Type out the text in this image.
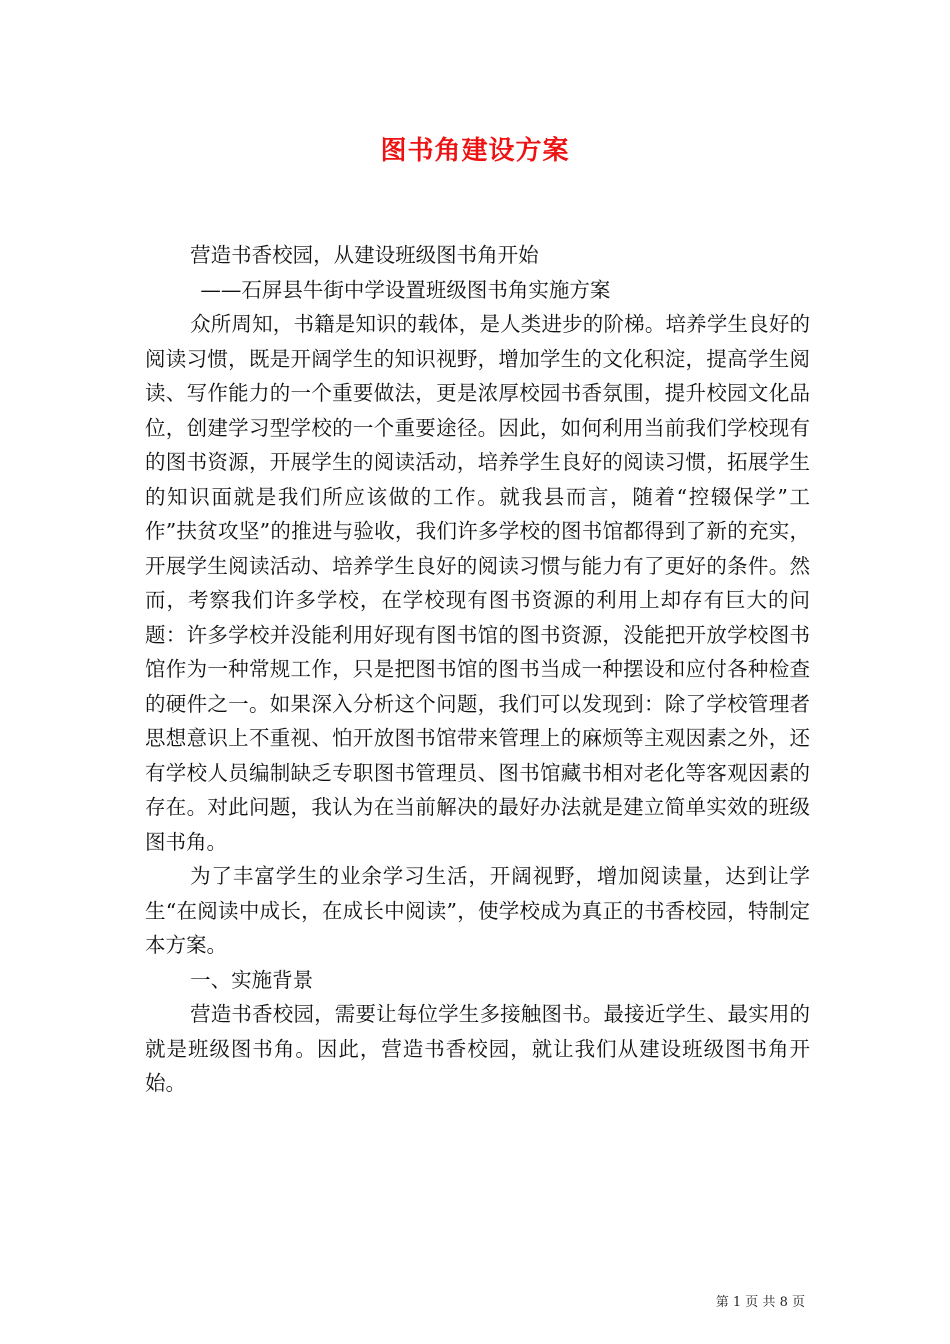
图书角建设方案

营造书香校园，从建设班级图书角开始

——石屏县牛街中学设置班级图书角实施方案

众所周知，书籍是知识的载体，是人类进步的阶梯。培养学生良好的阅读习惯，既是开阔学生的知识视野，增加学生的文化积淀，提高学生阅读、写作能力的一个重要做法，更是浓厚校园书香氛围，提升校园文化品位，创建学习型学校的一个重要途径。因此，如何利用当前我们学校现有的图书资源，开展学生的阅读活动，培养学生良好的阅读习惯，拓展学生的知识面就是我们所应该做的工作。就我县而言，随着“控辍保学”工作”扶贫攻坚”的推进与验收，我们许多学校的图书馆都得到了新的充实，开展学生阅读活动、培养学生良好的阅读习惯与能力有了更好的条件。然而，考察我们许多学校，在学校现有图书资源的利用上却存有巨大的问题：许多学校并没能利用好现有图书馆的图书资源，没能把开放学校图书馆作为一种常规工作，只是把图书馆的图书当成一种摆设和应付各种检查的硬件之一。如果深入分析这个问题，我们可以发现到：除了学校管理者思想意识上不重视、怕开放图书馆带来管理上的麻烦等主观因素之外，还有学校人员编制缺乏专职图书管理员、图书馆藏书相对老化等客观因素的存在。对此问题，我认为在当前解决的最好办法就是建立简单实效的班级图书角。

为了丰富学生的业余学习生活，开阔视野，增加阅读量，达到让学生“在阅读中成长，在成长中阅读”，使学校成为真正的书香校园，特制定本方案。

一、实施背景

营造书香校园，需要让每位学生多接触图书。最接近学生、最实用的就是班级图书角。因此，营造书香校园，就让我们从建设班级图书角开始。

第 1 页 共 8 页
